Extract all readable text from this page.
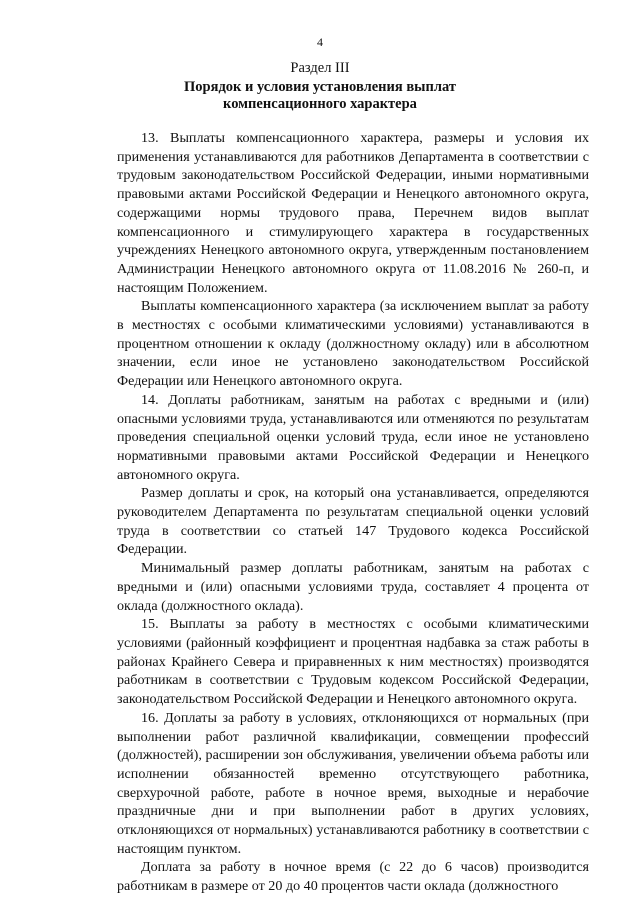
4
Раздел III
Порядок и условия установления выплат компенсационного характера

13. Выплаты компенсационного характера, размеры и условия их применения устанавливаются для работников Департамента в соответствии с трудовым законодательством Российской Федерации, иными нормативными правовыми актами Российской Федерации и Ненецкого автономного округа, содержащими нормы трудового права, Перечнем видов выплат компенсационного и стимулирующего характера в государственных учреждениях Ненецкого автономного округа, утвержденным постановлением Администрации Ненецкого автономного округа от 11.08.2016 № 260-п, и настоящим Положением.

Выплаты компенсационного характера (за исключением выплат за работу в местностях с особыми климатическими условиями) устанавливаются в процентном отношении к окладу (должностному окладу) или в абсолютном значении, если иное не установлено законодательством Российской Федерации или Ненецкого автономного округа.

14. Доплаты работникам, занятым на работах с вредными и (или) опасными условиями труда, устанавливаются или отменяются по результатам проведения специальной оценки условий труда, если иное не установлено нормативными правовыми актами Российской Федерации и Ненецкого автономного округа.

Размер доплаты и срок, на который она устанавливается, определяются руководителем Департамента по результатам специальной оценки условий труда в соответствии со статьей 147 Трудового кодекса Российской Федерации.

Минимальный размер доплаты работникам, занятым на работах с вредными и (или) опасными условиями труда, составляет 4 процента от оклада (должностного оклада).

15. Выплаты за работу в местностях с особыми климатическими условиями (районный коэффициент и процентная надбавка за стаж работы в районах Крайнего Севера и приравненных к ним местностях) производятся работникам в соответствии с Трудовым кодексом Российской Федерации, законодательством Российской Федерации и Ненецкого автономного округа.

16. Доплаты за работу в условиях, отклоняющихся от нормальных (при выполнении работ различной квалификации, совмещении профессий (должностей), расширении зон обслуживания, увеличении объема работы или исполнении обязанностей временно отсутствующего работника, сверхурочной работе, работе в ночное время, выходные и нерабочие праздничные дни и при выполнении работ в других условиях, отклоняющихся от нормальных) устанавливаются работнику в соответствии с настоящим пунктом.

Доплата за работу в ночное время (с 22 до 6 часов) производится работникам в размере от 20 до 40 процентов части оклада (должностного
